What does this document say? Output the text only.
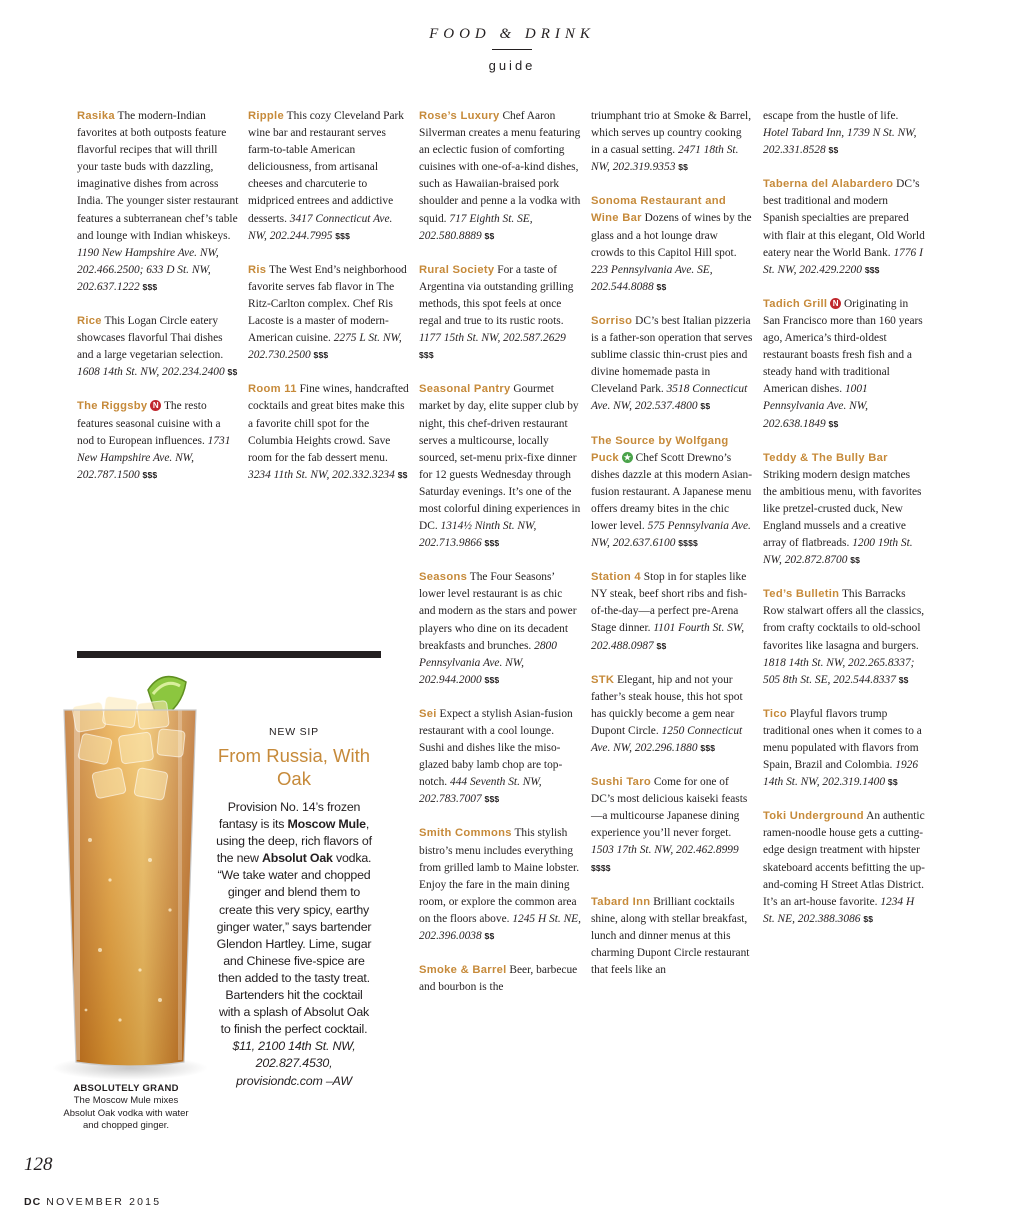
FOOD & DRINK
guide

Rasika The modern-Indian favorites at both outposts feature flavorful recipes that will thrill your taste buds with dazzling, imaginative dishes from across India. The younger sister restaurant features a subterranean chef’s table and lounge with Indian whiskeys. 1190 New Hampshire Ave. NW, 202.466.2500; 633 D St. NW, 202.637.1222 $$$

Rice This Logan Circle eatery showcases flavorful Thai dishes and a large vegetarian selection. 1608 14th St. NW, 202.234.2400 $$

The Riggsby N The resto features seasonal cuisine with a nod to European influences. 1731 New Hampshire Ave. NW, 202.787.1500 $$$

Ripple This cozy Cleveland Park wine bar and restaurant serves farm-to-table American deliciousness, from artisanal cheeses and charcuterie to midpriced entrees and addictive desserts. 3417 Connecticut Ave. NW, 202.244.7995 $$$

Ris The West End’s neighborhood favorite serves fab flavor in The Ritz-Carlton complex. Chef Ris Lacoste is a master of modern-American cuisine. 2275 L St. NW, 202.730.2500 $$$

Room 11 Fine wines, handcrafted cocktails and great bites make this a favorite chill spot for the Columbia Heights crowd. Save room for the fab dessert menu. 3234 11th St. NW, 202.332.3234 $$

Rose’s Luxury Chef Aaron Silverman creates a menu featuring an eclectic fusion of comforting cuisines with one-of-a-kind dishes, such as Hawaiian-braised pork shoulder and penne a la vodka with squid. 717 Eighth St. SE, 202.580.8889 $$

Rural Society For a taste of Argentina via outstanding grilling methods, this spot feels at once regal and true to its rustic roots. 1177 15th St. NW, 202.587.2629 $$$

Seasonal Pantry Gourmet market by day, elite supper club by night, this chef-driven restaurant serves a multicourse, locally sourced, set-menu prix-fixe dinner for 12 guests Wednesday through Saturday evenings. It’s one of the most colorful dining experiences in DC. 1314½ Ninth St. NW, 202.713.9866 $$$

Seasons The Four Seasons’ lower level restaurant is as chic and modern as the stars and power players who dine on its decadent breakfasts and brunches. 2800 Pennsylvania Ave. NW, 202.944.2000 $$$

Sei Expect a stylish Asian-fusion restaurant with a cool lounge. Sushi and dishes like the miso-glazed baby lamb chop are top-notch. 444 Seventh St. NW, 202.783.7007 $$$

Smith Commons This stylish bistro’s menu includes everything from grilled lamb to Maine lobster. Enjoy the fare in the main dining room, or explore the common area on the floors above. 1245 H St. NE, 202.396.0038 $$

Smoke & Barrel Beer, barbecue and bourbon is the

triumphant trio at Smoke & Barrel, which serves up country cooking in a casual setting. 2471 18th St. NW, 202.319.9353 $$

Sonoma Restaurant and Wine Bar Dozens of wines by the glass and a hot lounge draw crowds to this Capitol Hill spot. 223 Pennsylvania Ave. SE, 202.544.8088 $$

Sorriso DC’s best Italian pizzeria is a father-son operation that serves sublime classic thin-crust pies and divine homemade pasta in Cleveland Park. 3518 Connecticut Ave. NW, 202.537.4800 $$

The Source by Wolfgang Puck ★ Chef Scott Drewno’s dishes dazzle at this modern Asian-fusion restaurant. A Japanese menu offers dreamy bites in the chic lower level. 575 Pennsylvania Ave. NW, 202.637.6100 $$$$

Station 4 Stop in for staples like NY steak, beef short ribs and fish-of-the-day—a perfect pre-Arena Stage dinner. 1101 Fourth St. SW, 202.488.0987 $$

STK Elegant, hip and not your father’s steak house, this hot spot has quickly become a gem near Dupont Circle. 1250 Connecticut Ave. NW, 202.296.1880 $$$

Sushi Taro Come for one of DC’s most delicious kaiseki feasts—a multicourse Japanese dining experience you’ll never forget. 1503 17th St. NW, 202.462.8999 $$$$

Tabard Inn Brilliant cocktails shine, along with stellar breakfast, lunch and dinner menus at this charming Dupont Circle restaurant that feels like an

escape from the hustle of life. Hotel Tabard Inn, 1739 N St. NW, 202.331.8528 $$

Taberna del Alabardero DC’s best traditional and modern Spanish specialties are prepared with flair at this elegant, Old World eatery near the World Bank. 1776 I St. NW, 202.429.2200 $$$

Tadich Grill N Originating in San Francisco more than 160 years ago, America’s third-oldest restaurant boasts fresh fish and a steady hand with traditional American dishes. 1001 Pennsylvania Ave. NW, 202.638.1849 $$

Teddy & The Bully Bar Striking modern design matches the ambitious menu, with favorites like pretzel-crusted duck, New England mussels and a creative array of flatbreads. 1200 19th St. NW, 202.872.8700 $$

Ted’s Bulletin This Barracks Row stalwart offers all the classics, from crafty cocktails to old-school favorites like lasagna and burgers. 1818 14th St. NW, 202.265.8337; 505 8th St. SE, 202.544.8337 $$

Tico Playful flavors trump traditional ones when it comes to a menu populated with flavors from Spain, Brazil and Colombia. 1926 14th St. NW, 202.319.1400 $$

Toki Underground An authentic ramen-noodle house gets a cutting-edge design treatment with hipster skateboard accents befitting the up-and-coming H Street Atlas District. It’s an art-house favorite. 1234 H St. NE, 202.388.3086 $$

ABSOLUTELY GRAND
The Moscow Mule mixes Absolut Oak vodka with water and chopped ginger.
NEW SIP
From Russia, With Oak
Provision No. 14’s frozen fantasy is its Moscow Mule, using the deep, rich flavors of the new Absolut Oak vodka. “We take water and chopped ginger and blend them to create this very spicy, earthy ginger water,” says bartender Glendon Hartley. Lime, sugar and Chinese five-spice are then added to the tasty treat. Bartenders hit the cocktail with a splash of Absolut Oak to finish the perfect cocktail. $11, 2100 14th St. NW, 202.827.4530, provisiondc.com –AW
128
DC NOVEMBER 2015
